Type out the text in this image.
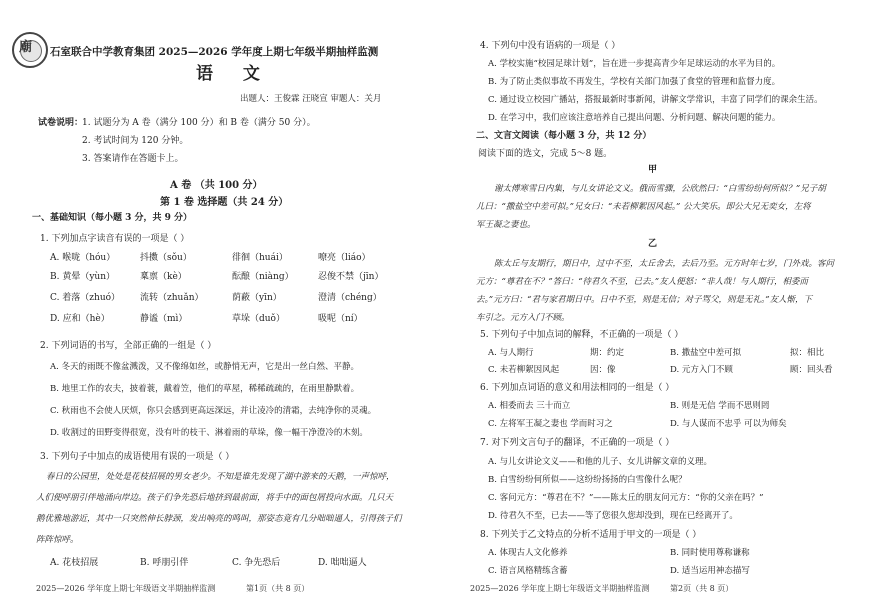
廟 石室联合中学教育集团 2025—2026 学年度上期七年级半期抽样监测
语 文
出题人：王俊霖 汪晓宣 审题人：关月
试卷说明：
1. 试题分为 A 卷（满分 100 分）和 B 卷（满分 50 分）。
2. 考试时间为 120 分钟。
3. 答案请作在答题卡上。
A 卷 （共 100 分）
第 1 卷 选择题（共 24 分）
一、基础知识（每小题 3 分，共 9 分）
1. 下列加点字读音有误的一项是（ ）
A. 喉咙（hóu）	抖擞（sǒu）	徘徊（huái）	嘹亮（liáo）
B. 黄晕（yùn）	稟禀（kè）	酝酿（niàng）	忍俊不禁（jīn）
C. 着落（zhuó） 流转（zhuǎn）	荫蔽（yīn）	澄清（chéng）
D. 应和（hè）	静谧（mì）	草垛（duǒ）	吸呢（ní）
2. 下列词语的书写，全部正确的一组是（ ）
A. 冬天的雨既不像盆溅泼，又不像绵如丝，或静悄无声，它是出一丝白然、平静。
B. 地里工作的农夫，披着蓑，戴着笠，他们的草屋，稀稀疏疏的，在雨里静默着。
C. 秋雨也不会使人厌烦，你只会感到更高远深远，并让凌冷的清霜，去纯净你的灵魂。
D. 收割过的田野变得很宽，没有叶的枝干、淋着雨的草垛，像一幅干净澄冷的木刻。
3. 下列句子中加点的成语使用有误的一项是（ ）
春日的公园里，处处是花枝招展的男女老少。不知是谁先发现了湖中游来的天鹅，一声惊呼，
人们便呼朋引伴地涌向岸边。孩子们争先恐后地挤到最前面，将手中的面包屑投向水面。几只天
鹅优雅地游近，其中一只突然伸长脖颈，发出响亮的鸣叫，那姿态竟有几分咄咄逼人，引得孩子们
阵阵惊呼。
A. 花枝招展	B. 呼朋引伴	C. 争先恐后	D. 咄咄逼人
2025—2026 学年度上期七年级语文半期抽样监测	第1页（共 8 页）
4. 下列句中没有语病的一项是（ ）
A. 学校实施“校园足球计划”，旨在进一步提高青少年足球运动的水平为目的。
B. 为了防止类似事故不再发生，学校有关部门加强了食堂的管理和监督力度。
C. 通过设立校园广播站，搭报最新时事新闻，讲解文学常识，丰富了同学们的课余生活。
D. 在学习中，我们应该注意培养自己提出问题、分析问题、解决问题的能力。
二、文言文阅读（每小题 3 分，共 12 分）
阅读下面的选文，完成 5～8 题。
甲
谢太傅寒雪日内集，与儿女讲论文义。俄而雪骤，公欣然曰：“白雪纷纷何所似？”兄子胡
儿曰：“撒盐空中差可拟。”兄女曰：“未若柳絮因风起。” 公大笑乐。即公大兄无奕女，左将
军王凝之妻也。
乙
陈太丘与友期行，期日中，过中不至，太丘舍去，去后乃至。元方时年七岁，门外戏。客问
元方：“尊君在不？”答曰：“待君久不至，已去。”友人便怒：“非人哉！与人期行，相委而
去。”元方曰：“君与家君期日中。日中不至，则是无信；对子骂父，则是无礼。”友人惭，下
车引之。元方入门不顾。
5. 下列句子中加点词的解释，不正确的一项是（ ）
A. 与人期行	期：约定	B. 撒盐空中差可拟	拟：相比
C. 未若柳絮因风起	因：像	D. 元方入门不顾	顾：回头看
6. 下列加点词语的意义和用法相同的一组是（ ）
A. 相委而去 三十而立	B. 则是无信 学而不思则罔
C. 左将军王凝之妻也 学而时习之	D. 与人谋而不忠乎 可以为师矣
7. 对下列文言句子的翻译，不正确的一项是（ ）
A. 与儿女讲论文义——和他的儿子、女儿讲解文章的义理。
B. 白雪纷纷何所似——这纷纷扬扬的白雪像什么呢？
C. 客问元方：“尊君在不？”——陈太丘的朋友问元方：“你的父亲在吗？”
D. 待君久不至，已去——等了您很久您却没到，现在已经离开了。
8. 下列关于乙文特点的分析不适用于甲文的一项是（ ）
A. 体现古人文化修养	B. 同时使用尊称谦称
C. 语言风格精练含蓄	D. 适当运用神态描写
2025—2026 学年度上期七年级语文半期抽样监测	第2页（共 8 页）
